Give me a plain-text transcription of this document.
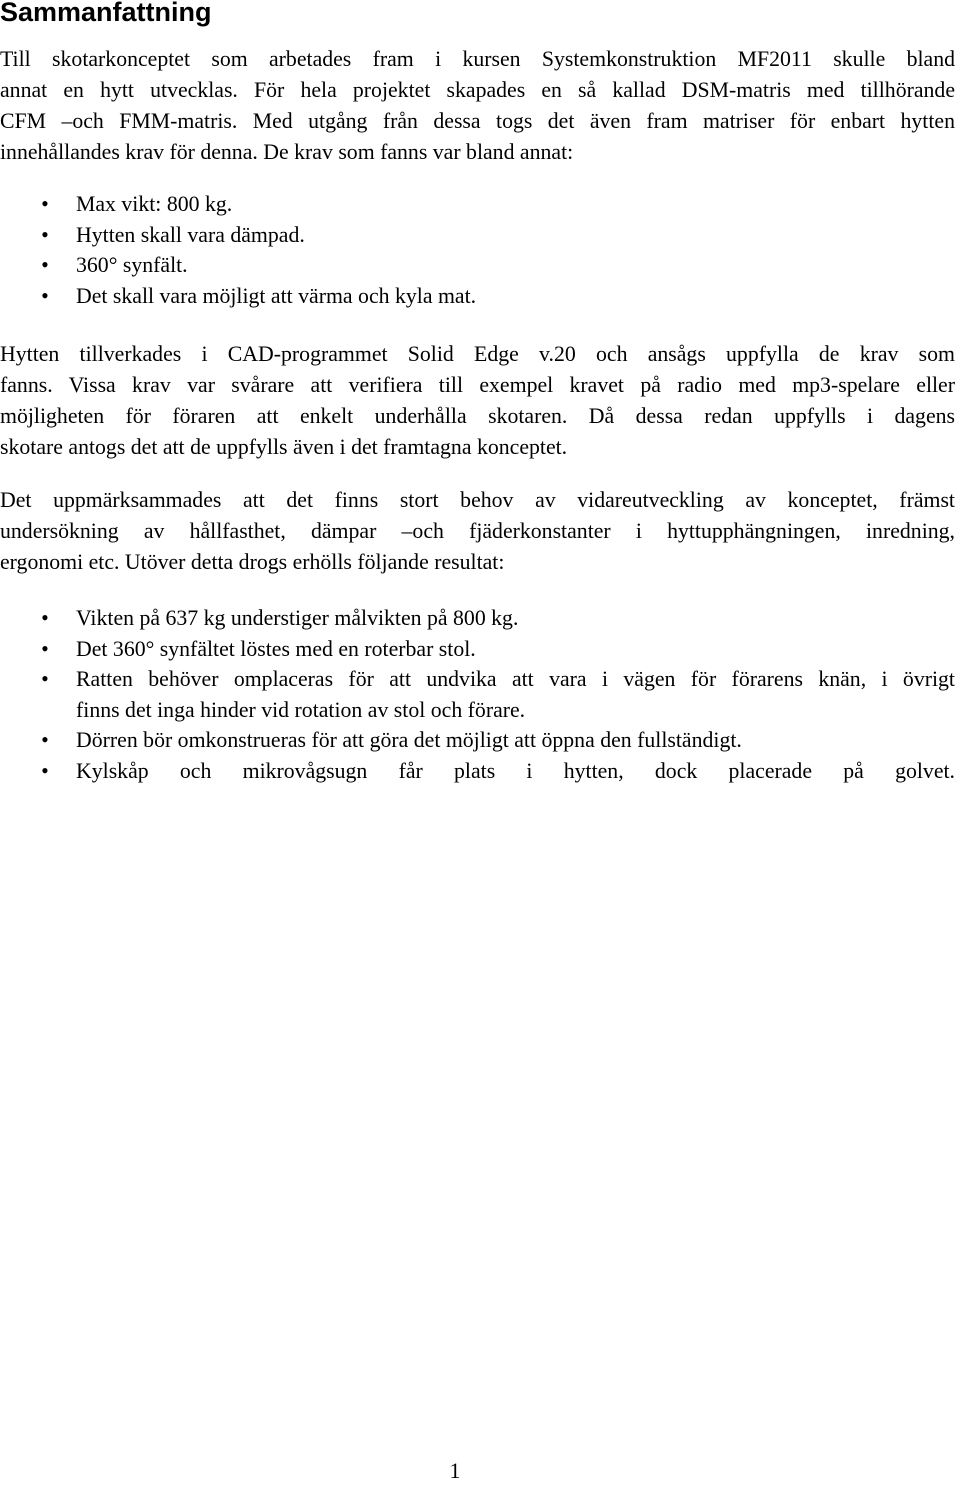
Sammanfattning

Till skotarkonceptet som arbetades fram i kursen Systemkonstruktion MF2011 skulle bland
annat en hytt utvecklas. För hela projektet skapades en så kallad DSM-matris med tillhörande
CFM –och FMM-matris. Med utgång från dessa togs det även fram matriser för enbart hytten
innehållandes krav för denna. De krav som fanns var bland annat:

• Max vikt: 800 kg.
• Hytten skall vara dämpad.
• 360° synfält.
• Det skall vara möjligt att värma och kyla mat.

Hytten tillverkades i CAD-programmet Solid Edge v.20 och ansågs uppfylla de krav som
fanns. Vissa krav var svårare att verifiera till exempel kravet på radio med mp3-spelare eller
möjligheten för föraren att enkelt underhålla skotaren. Då dessa redan uppfylls i dagens
skotare antogs det att de uppfylls även i det framtagna konceptet.

Det uppmärksammades att det finns stort behov av vidareutveckling av konceptet, främst
undersökning av hållfasthet, dämpar –och fjäderkonstanter i hyttupphängningen, inredning,
ergonomi etc. Utöver detta drogs erhölls följande resultat:

• Vikten på 637 kg understiger målvikten på 800 kg.
• Det 360° synfältet löstes med en roterbar stol.
• Ratten behöver omplaceras för att undvika att vara i vägen för förarens knän, i övrigt
finns det inga hinder vid rotation av stol och förare.
• Dörren bör omkonstrueras för att göra det möjligt att öppna den fullständigt.
• Kylskåp och mikrovågsugn får plats i hytten, dock placerade på golvet.
1
